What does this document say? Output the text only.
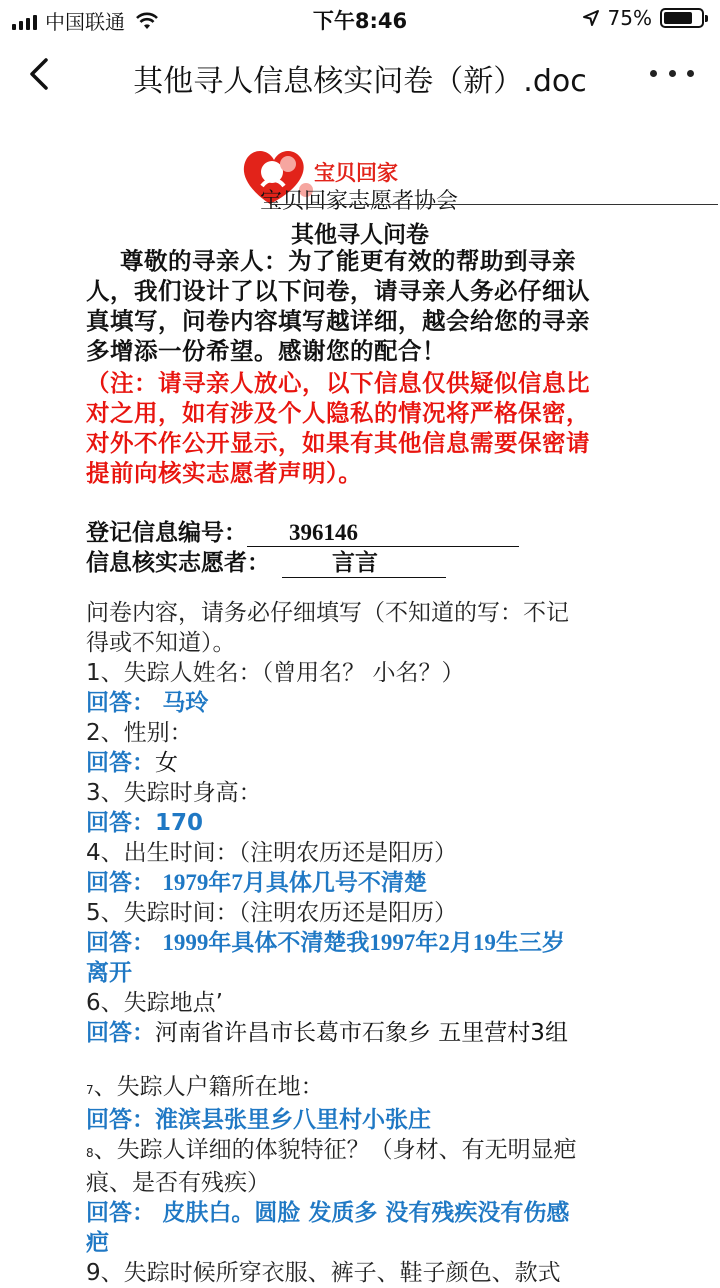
中国联通	下午8:46	75%
其他寻人信息核实问卷（新）.doc
宝贝回家
宝贝回家志愿者协会
其他寻人问卷
尊敬的寻亲人：为了能更有效的帮助到寻亲
人，我们设计了以下问卷，请寻亲人务必仔细认
真填写，问卷内容填写越详细，越会给您的寻亲
多增添一份希望。感谢您的配合！
（注：请寻亲人放心，以下信息仅供疑似信息比
对之用，如有涉及个人隐私的情况将严格保密，
对外不作公开显示，如果有其他信息需要保密请
提前向核实志愿者声明）。
登记信息编号： 396146
信息核实志愿者：	言言
问卷内容，请务必仔细填写（不知道的写：不记
得或不知道）。
1、失踪人姓名：（曾用名？ 小名？）
回答： 马玲
2、性别：
回答：女
3、失踪时身高：
回答：170
4、出生时间：（注明农历还是阳历）
回答： 1979年7月具体几号不清楚
5、失踪时间：（注明农历还是阳历）
回答： 1999年具体不清楚我1997年2月19生三岁
离开
6、失踪地点’
回答：河南省许昌市长葛市石象乡 五里营村3组
7、失踪人户籍所在地：
回答：淮滨县张里乡八里村小张庄
8、失踪人详细的体貌特征？（身材、有无明显疤
痕、是否有残疾）
回答： 皮肤白。圆脸 发质多 没有残疾没有伤感
疤
9、失踪时候所穿衣服、裤子、鞋子颜色、款式
